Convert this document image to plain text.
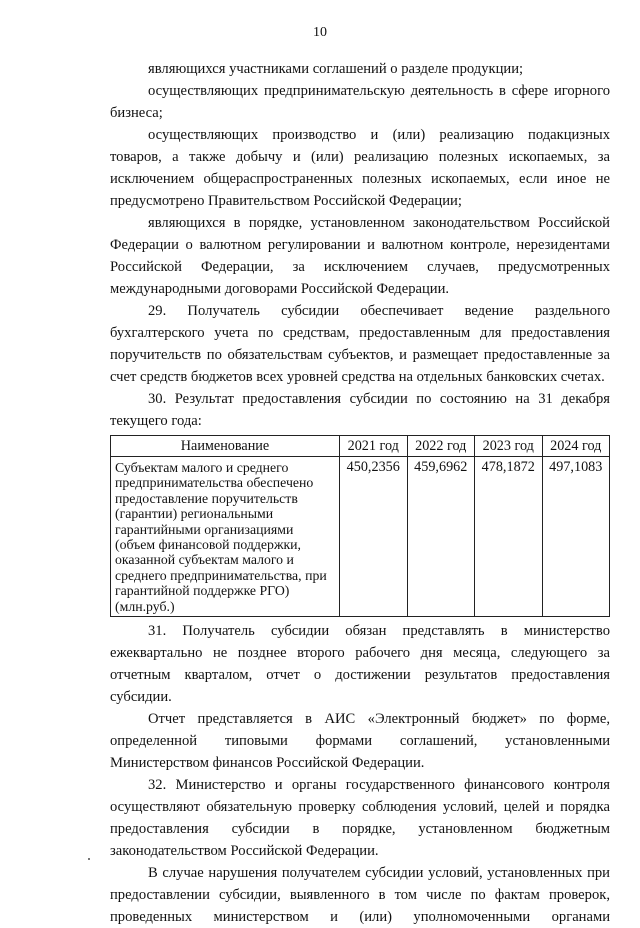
10

являющихся участниками соглашений о разделе продукции;

осуществляющих предпринимательскую деятельность в сфере игорного бизнеса;

осуществляющих производство и (или) реализацию подакцизных товаров, а также добычу и (или) реализацию полезных ископаемых, за исключением общераспространенных полезных ископаемых, если иное не предусмотрено Правительством Российской Федерации;

являющихся в порядке, установленном законодательством Российской Федерации о валютном регулировании и валютном контроле, нерезидентами Российской Федерации, за исключением случаев, предусмотренных международными договорами Российской Федерации.

29. Получатель субсидии обеспечивает ведение раздельного бухгалтерского учета по средствам, предоставленным для предоставления поручительств по обязательствам субъектов, и размещает предоставленные за счет средств бюджетов всех уровней средства на отдельных банковских счетах.

30. Результат предоставления субсидии по состоянию на 31 декабря текущего года:

Наименование	2021 год	2022 год	2023 год	2024 год
Субъектам малого и среднего предпринимательства обеспечено предоставление поручительств (гарантии) региональными гарантийными организациями (объем финансовой поддержки, оказанной субъектам малого и среднего предпринимательства, при гарантийной поддержке РГО) (млн.руб.)	450,2356	459,6962	478,1872	497,1083

31. Получатель субсидии обязан представлять в министерство ежеквартально не позднее второго рабочего дня месяца, следующего за отчетным кварталом, отчет о достижении результатов предоставления субсидии.

Отчет представляется в АИС «Электронный бюджет» по форме, определенной типовыми формами соглашений, установленными Министерством финансов Российской Федерации.

32. Министерство и органы государственного финансового контроля осуществляют обязательную проверку соблюдения условий, целей и порядка предоставления субсидии в порядке, установленном бюджетным законодательством Российской Федерации.

В случае нарушения получателем субсидии условий, установленных при предоставлении субсидии, выявленного в том числе по фактам проверок, проведенных министерством и (или) уполномоченными органами
